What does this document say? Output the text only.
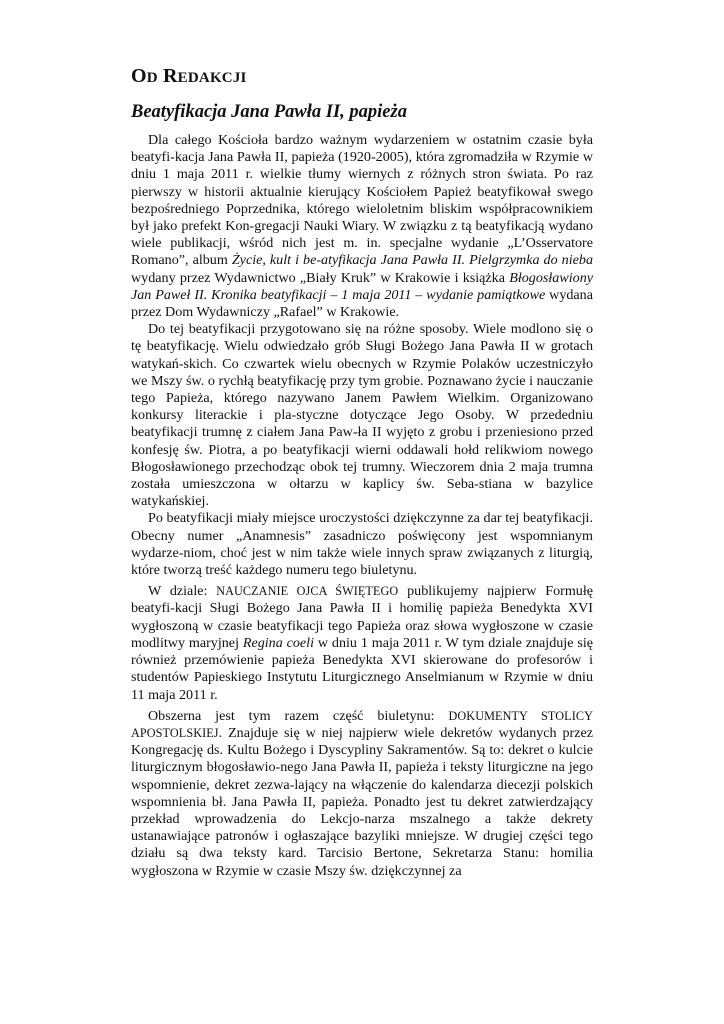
OD REDAKCJI
Beatyfikacja Jana Pawła II, papieża

Dla całego Kościoła bardzo ważnym wydarzeniem w ostatnim czasie była beatyfi-kacja Jana Pawła II, papieża (1920-2005), która zgromadziła w Rzymie w dniu 1 maja 2011 r. wielkie tłumy wiernych z różnych stron świata. Po raz pierwszy w historii aktualnie kierujący Kościołem Papież beatyfikował swego bezpośredniego Poprzednika, którego wieloletnim bliskim współpracownikiem był jako prefekt Kon-gregacji Nauki Wiary. W związku z tą beatyfikacją wydano wiele publikacji, wśród nich jest m. in. specjalne wydanie „L’Osservatore Romano”, album Życie, kult i be-atyfikacja Jana Pawła II. Pielgrzymka do nieba wydany przez Wydawnictwo „Biały Kruk” w Krakowie i książka Błogosławiony Jan Paweł II. Kronika beatyfikacji – 1 maja 2011 – wydanie pamiątkowe wydana przez Dom Wydawniczy „Rafael” w Krakowie.

Do tej beatyfikacji przygotowano się na różne sposoby. Wiele modlono się o tę beatyfikację. Wielu odwiedzało grób Sługi Bożego Jana Pawła II w grotach watykań-skich. Co czwartek wielu obecnych w Rzymie Polaków uczestniczyło we Mszy św. o rychłą beatyfikację przy tym grobie. Poznawano życie i nauczanie tego Papieża, którego nazywano Janem Pawłem Wielkim. Organizowano konkursy literackie i pla-styczne dotyczące Jego Osoby. W przededniu beatyfikacji trumnę z ciałem Jana Paw-ła II wyjęto z grobu i przeniesiono przed konfesję św. Piotra, a po beatyfikacji wierni oddawali hołd relikwiom nowego Błogosławionego przechodząc obok tej trumny. Wieczorem dnia 2 maja trumna została umieszczona w ołtarzu w kaplicy św. Seba-stiana w bazylice watykańskiej.

Po beatyfikacji miały miejsce uroczystości dziękczynne za dar tej beatyfikacji. Obecny numer „Anamnesis” zasadniczo poświęcony jest wspomnianym wydarze-niom, choć jest w nim także wiele innych spraw związanych z liturgią, które tworzą treść każdego numeru tego biuletynu.

W dziale: NAUCZANIE OJCA ŚWIĘTEGO publikujemy najpierw Formułę beatyfi-kacji Sługi Bożego Jana Pawła II i homilię papieża Benedykta XVI wygłoszoną w czasie beatyfikacji tego Papieża oraz słowa wygłoszone w czasie modlitwy maryjnej Regina coeli w dniu 1 maja 2011 r. W tym dziale znajduje się również przemówienie papieża Benedykta XVI skierowane do profesorów i studentów Papieskiego Instytutu Liturgicznego Anselmianum w Rzymie w dniu 11 maja 2011 r.

Obszerna jest tym razem część biuletynu: DOKUMENTY STOLICY APOSTOLSKIEJ. Znajduje się w niej najpierw wiele dekretów wydanych przez Kongregację ds. Kultu Bożego i Dyscypliny Sakramentów. Są to: dekret o kulcie liturgicznym błogosławio-nego Jana Pawła II, papieża i teksty liturgiczne na jego wspomnienie, dekret zezwa-lający na włączenie do kalendarza diecezji polskich wspomnienia bł. Jana Pawła II, papieża. Ponadto jest tu dekret zatwierdzający przekład wprowadzenia do Lekcjo-narza mszalnego a także dekrety ustanawiające patronów i ogłaszające bazyliki mniejsze. W drugiej części tego działu są dwa teksty kard. Tarcisio Bertone, Sekretarza Stanu: homilia wygłoszona w Rzymie w czasie Mszy św. dziękczynnej za
